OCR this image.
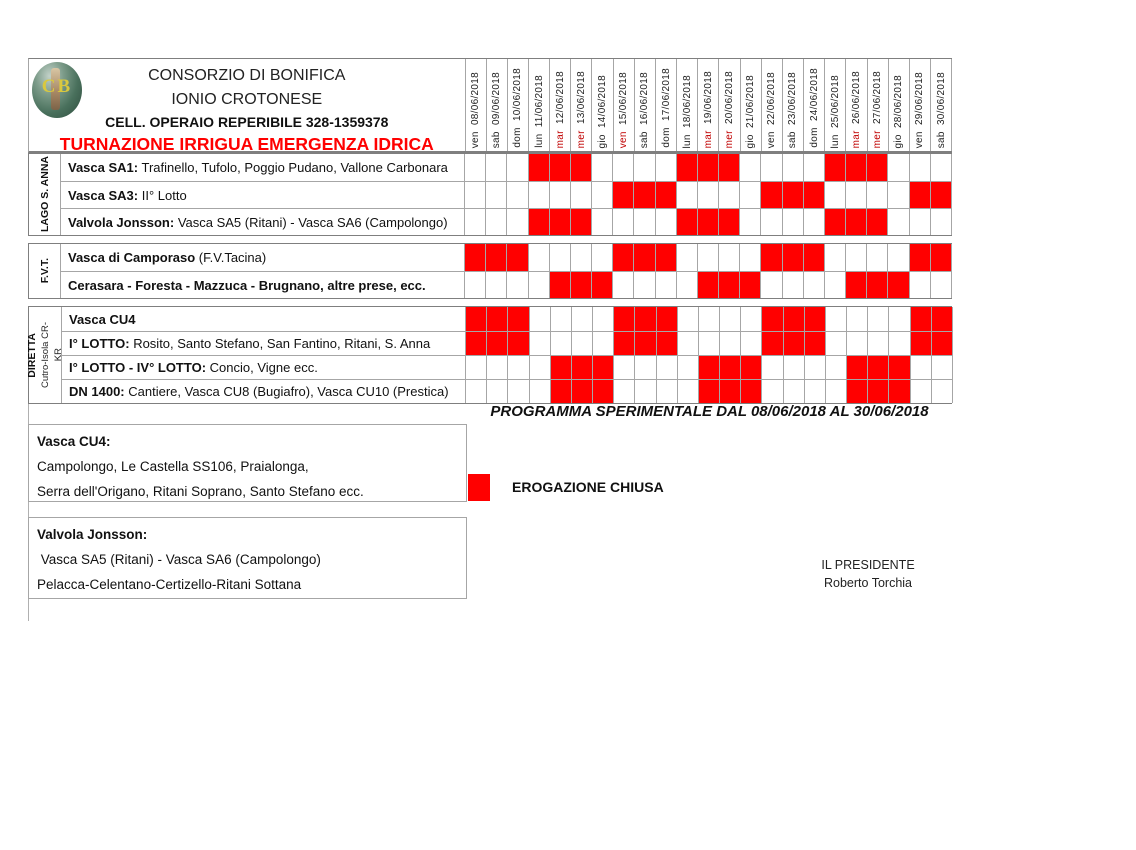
CB
CONSORZIO DI BONIFICA
IONIO CROTONESE
CELL. OPERAIO REPERIBILE 328-1359378
TURNAZIONE IRRIGUA EMERGENZA IDRICA	ven  08/06/2018
sab  09/06/2018
dom  10/06/2018
lun  11/06/2018
mar  12/06/2018
mer  13/06/2018
gio  14/06/2018
ven  15/06/2018
sab  16/06/2018
dom  17/06/2018
lun  18/06/2018
mar  19/06/2018
mer  20/06/2018
gio  21/06/2018
ven  22/06/2018
sab  23/06/2018
dom  24/06/2018
lun  25/06/2018
mar  26/06/2018
mer  27/06/2018
gio  28/06/2018
ven  29/06/2018
sab  30/06/2018
LAGO S. ANNA Vasca SA1: Trafinello, Tufolo, Poggio Pudano, Vallone Carbonara
Vasca SA3: II° Lotto
Valvola Jonsson: Vasca SA5 (Ritani) - Vasca SA6 (Campolongo)
F.V.T.
Vasca di Camporaso (F.V.Tacina)
Cerasara - Foresta - Mazzuca - Brugnano, altre prese, ecc.
DIRETTA Cutro-Isola CR- KR
Vasca CU4
I° LOTTO: Rosito, Santo Stefano, San Fantino, Ritani, S. Anna
I° LOTTO - IV° LOTTO: Concio, Vigne ecc.
DN 1400: Cantiere, Vasca CU8 (Bugiafro), Vasca CU10 (Prestica)
PROGRAMMA SPERIMENTALE DAL 08/06/2018 AL 30/06/2018
Vasca CU4:
Campolongo, Le Castella SS106, Praialonga,
Serra dell'Origano, Ritani Soprano, Santo Stefano ecc.	EROGAZIONE CHIUSA
Valvola Jonsson:
Vasca SA5 (Ritani) - Vasca SA6 (Campolongo)
Pelacca-Celentano-Certizello-Ritani Sottana
IL PRESIDENTE
Roberto Torchia
